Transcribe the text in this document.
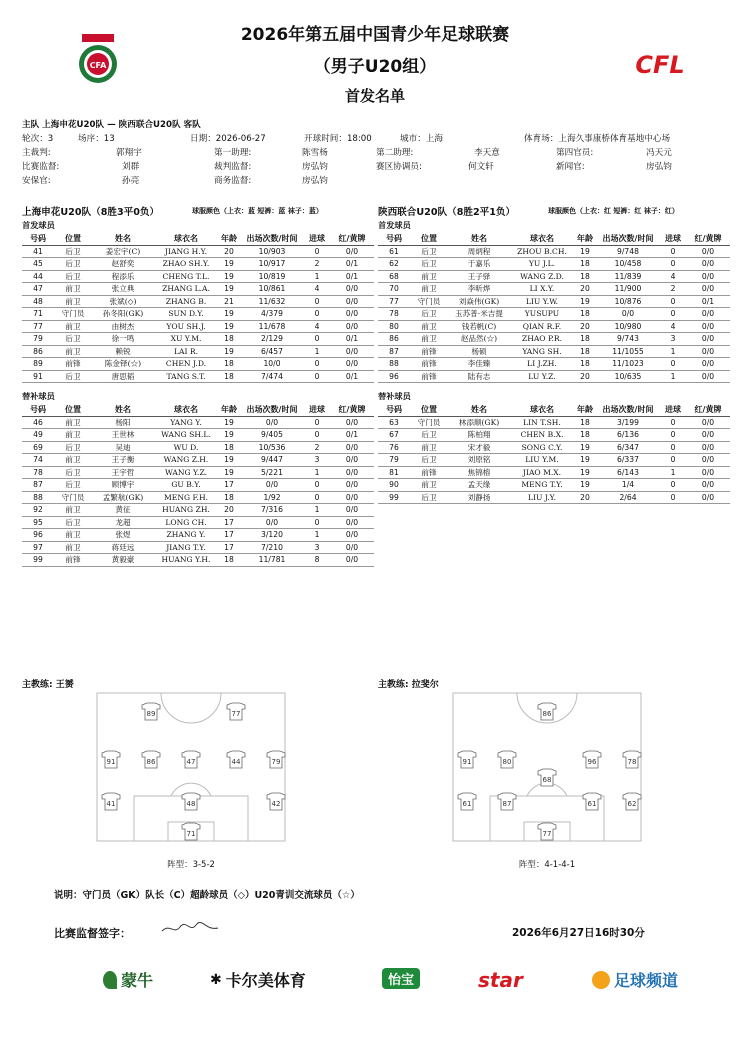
CFA
2026年第五届中国青少年足球联赛
（男子U20组）
首发名单
CFL
主队 上海申花U20队 — 陕西联合U20队 客队
轮次：3	场序：13	日期：2026-06-27	开球时间：18:00	城市：上海	体育场：上海久事康桥体育基地中心场
主裁判:	郭翔宇	第一助理:	陈雪杨	第二助理:	李天意	第四官员:	冯天元
比赛监督:	刘群	裁判监督:	房弘钧	赛区协调员:	何文轩	新闻官:	房弘钧
安保官:	孙亮	商务监督:	房弘钧
上海申花U20队（8胜3平0负）	球服颜色（上衣：蓝 短裤：蓝 袜子：蓝）
首发球员
号码	位置	姓名	球衣名	年龄	出场次数/时间	进球	红/黄牌
41	后卫	姜宏宇(C)	JIANG H.Y.	20	10/903	0	0/0
45	后卫	赵舒奕	ZHAO SH.Y.	19	10/917	2	0/1
44	后卫	程添乐	CHENG T.L.	19	10/819	1	0/1
47	前卫	张立典	ZHANG L.A.	19	10/861	4	0/0
48	前卫	张斌(◇)	ZHANG B.	21	11/632	0	0/0
71	守门员	孙冬阳(GK)	SUN D.Y.	19	4/379	0	0/0
77	前卫	由树杰	YOU SH.J.	19	11/678	4	0/0
79	后卫	徐一鸣	XU Y.M.	18	2/129	0	0/1
86	前卫	赖锐	LAI R.	19	6/457	1	0/0
89	前锋	陈金铎(☆)	CHEN J.D.	18	10/0	0	0/0
91	后卫	唐思韬	TANG S.T.	18	7/474	0	0/1
替补球员
号码	位置	姓名	球衣名	年龄	出场次数/时间	进球	红/黄牌
46	前卫	杨阳	YANG Y.	19	0/0	0	0/0
49	前卫	王世林	WANG SH.L.	19	9/405	0	0/1
69	后卫	吴迪	WU D.	18	10/536	2	0/0
74	前卫	王子衡	WANG Z.H.	19	9/447	3	0/0
78	后卫	王宇哲	WANG Y.Z.	19	5/221	1	0/0
87	后卫	顾博宇	GU B.Y.	17	0/0	0	0/0
88	守门员	孟繁航(GK)	MENG F.H.	18	1/92	0	0/0
92	前卫	黄征	HUANG ZH.	20	7/316	1	0/0
95	后卫	龙超	LONG CH.	17	0/0	0	0/0
96	前卫	张煜	ZHANG Y.	17	3/120	1	0/0
97	前卫	蒋廷远	JIANG T.Y.	17	7/210	3	0/0
99	前锋	黄毅豪	HUANG Y.H.	18	11/781	8	0/0
陕西联合U20队（8胜2平1负）	球服颜色（上衣：红 短裤：红 袜子：红）
首发球员
号码	位置	姓名	球衣名	年龄	出场次数/时间	进球	红/黄牌
61	后卫	周炳程	ZHOU B.CH.	19	9/748	0	0/0
62	后卫	于嘉乐	YU J.L.	18	10/458	0	0/0
68	前卫	王子驿	WANG Z.D.	18	11/839	4	0/0
70	前卫	李昕烨	LI X.Y.	20	11/900	2	0/0
77	守门员	刘焱伟(GK)	LIU Y.W.	19	10/876	0	0/1
78	后卫	玉苏普·米吉提	YUSUPU	18	0/0	0	0/0
80	前卫	钱若帆(C)	QIAN R.F.	20	10/980	4	0/0
86	前卫	赵品然(☆)	ZHAO P.R.	18	9/743	3	0/0
87	前锋	杨硕	YANG SH.	18	11/1055	1	0/0
88	前锋	李佳臻	LI J.ZH.	18	11/1023	0	0/0
96	前锋	陆有志	LU Y.Z.	20	10/635	1	0/0
替补球员
号码	位置	姓名	球衣名	年龄	出场次数/时间	进球	红/黄牌
63	守门员	林添顺(GK)	LIN T.SH.	18	3/199	0	0/0
67	后卫	陈柏翔	CHEN B.X.	18	6/136	0	0/0
76	前卫	宋才毅	SONG C.Y.	19	6/347	0	0/0
79	后卫	刘原铭	LIU Y.M.	19	6/337	0	0/0
81	前锋	焦锦榕	JIAO M.X.	19	6/143	1	0/0
90	前卫	孟天缘	MENG T.Y.	19	1/4	0	0/0
99	后卫	刘静扬	LIU J.Y.	20	2/64	0	0/0
主教练: 王赟	主教练: 拉斐尔
89	77
91	86	47	44	79
41	48	42
71
86
91	80
68
96	78
61	87	61	62
77
阵型：3-5-2	阵型：4-1-4-1
说明：守门员（GK）队长（C）超龄球员（◇）U20青训交流球员（☆）
比赛监督签字：	2026年6月27日16时30分
蒙牛	✱ 卡尔美体育	怡宝	star	足球频道
